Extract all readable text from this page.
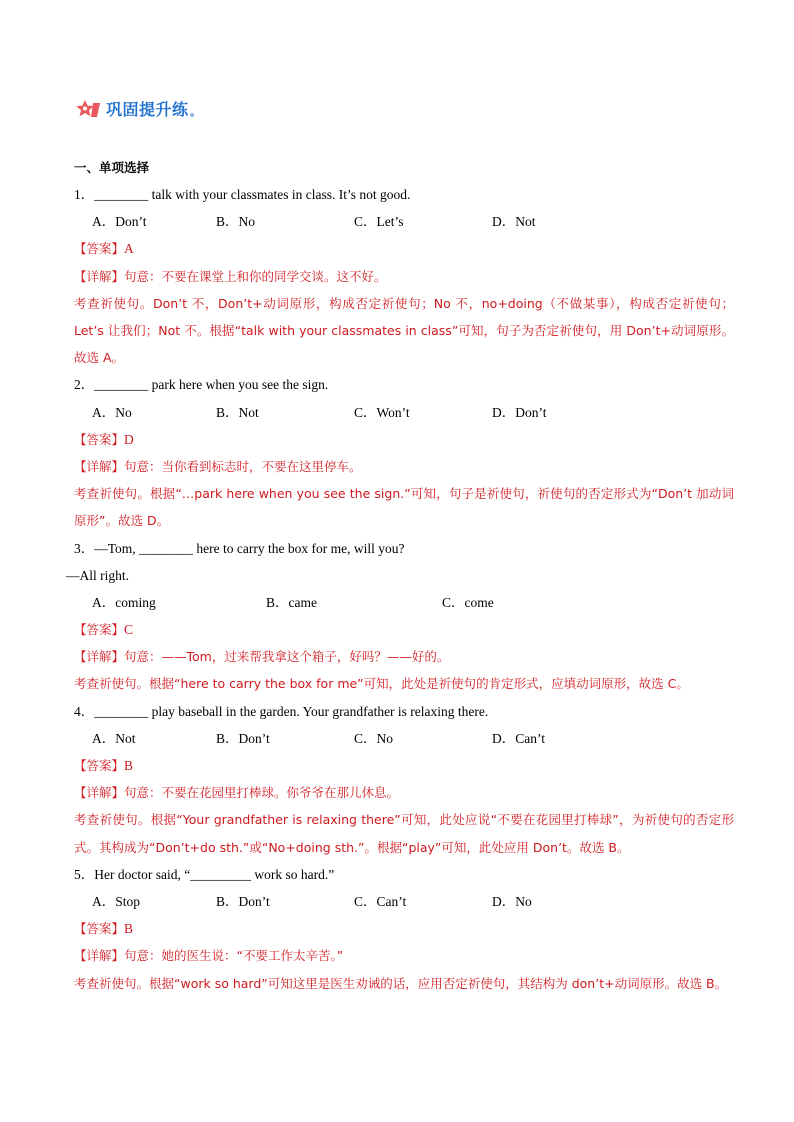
巩固提升练
一、单项选择
1．________ talk with your classmates in class. It’s not good.
A．Don’t	B．No	C．Let’s	D．Not
【答案】A
【详解】句意：不要在课堂上和你的同学交谈。这不好。
考查祈使句。Don’t 不，Don’t+动词原形，构成否定祈使句；No 不，no+doing（不做某事），构成否定祈使句；Let’s 让我们；Not 不。根据“talk with your classmates in class”可知，句子为否定祈使句，用 Don’t+动词原形。故选 A。
2．________ park here when you see the sign.
A．No	B．Not	C．Won’t	D．Don’t
【答案】D
【详解】句意：当你看到标志时，不要在这里停车。
考查祈使句。根据“…park here when you see the sign.”可知，句子是祈使句，祈使句的否定形式为“Don’t 加动词原形”。故选 D。
3．—Tom, ________ here to carry the box for me, will you?
—All right.
A．coming	B．came	C．come
【答案】C
【详解】句意：——Tom，过来帮我拿这个箱子，好吗？——好的。
考查祈使句。根据“here to carry the box for me”可知，此处是祈使句的肯定形式，应填动词原形，故选 C。
4．________ play baseball in the garden. Your grandfather is relaxing there.
A．Not	B．Don’t	C．No	D．Can’t
【答案】B
【详解】句意：不要在花园里打棒球。你爷爷在那儿休息。
考查祈使句。根据“Your grandfather is relaxing there”可知，此处应说“不要在花园里打棒球”，为祈使句的否定形式。其构成为“Don’t+do sth.”或“No+doing sth.”。根据“play”可知，此处应用 Don’t。故选 B。
5．Her doctor said, “_________ work so hard.”
A．Stop	B．Don’t	C．Can’t	D．No
【答案】B
【详解】句意：她的医生说：“不要工作太辛苦。”
考查祈使句。根据“work so hard”可知这里是医生劝诫的话，应用否定祈使句，其结构为 don’t+动词原形。故选 B。
